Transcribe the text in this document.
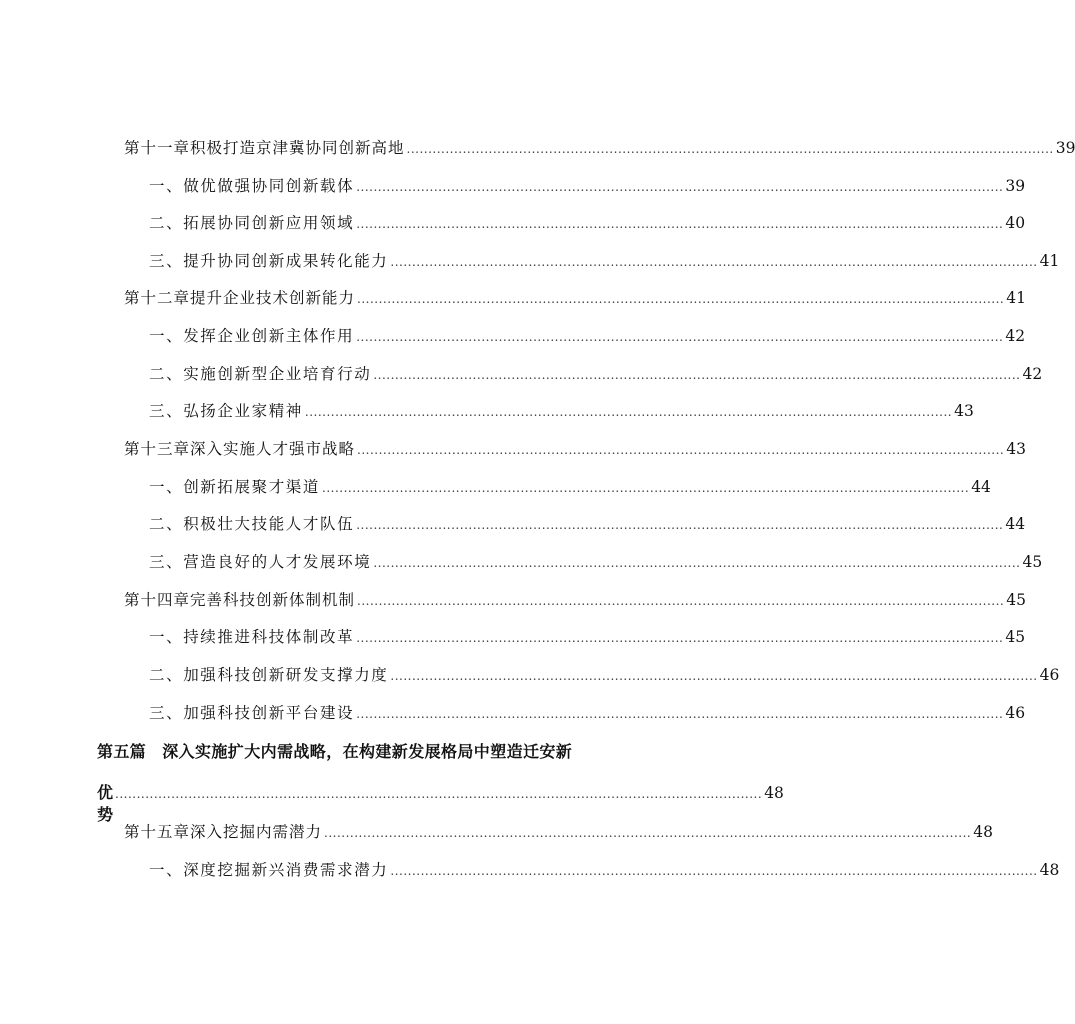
第十一章 积极打造京津冀协同创新高地 ...................................................................................................................................................... 39
一、做优做强协同创新载体 ...................................................................................................................................................... 39
二、拓展协同创新应用领域 ...................................................................................................................................................... 40
三、提升协同创新成果转化能力 ...................................................................................................................................................... 41
第十二章 提升企业技术创新能力 ...................................................................................................................................................... 41
一、发挥企业创新主体作用 ...................................................................................................................................................... 42
二、实施创新型企业培育行动 ...................................................................................................................................................... 42
三、弘扬企业家精神 ...................................................................................................................................................... 43
第十三章 深入实施人才强市战略 ...................................................................................................................................................... 43
一、创新拓展聚才渠道 ...................................................................................................................................................... 44
二、积极壮大技能人才队伍 ...................................................................................................................................................... 44
三、营造良好的人才发展环境 ...................................................................................................................................................... 45
第十四章 完善科技创新体制机制 ...................................................................................................................................................... 45
一、持续推进科技体制改革 ...................................................................................................................................................... 45
二、加强科技创新研发支撑力度 ...................................................................................................................................................... 46
三、加强科技创新平台建设 ...................................................................................................................................................... 46
第五篇 深入实施扩大内需战略，在构建新发展格局中塑造迁安新
优势
...................................................................................................................................................... 48
第十五章 深入挖掘内需潜力 ...................................................................................................................................................... 48
一、深度挖掘新兴消费需求潜力 ...................................................................................................................................................... 48
